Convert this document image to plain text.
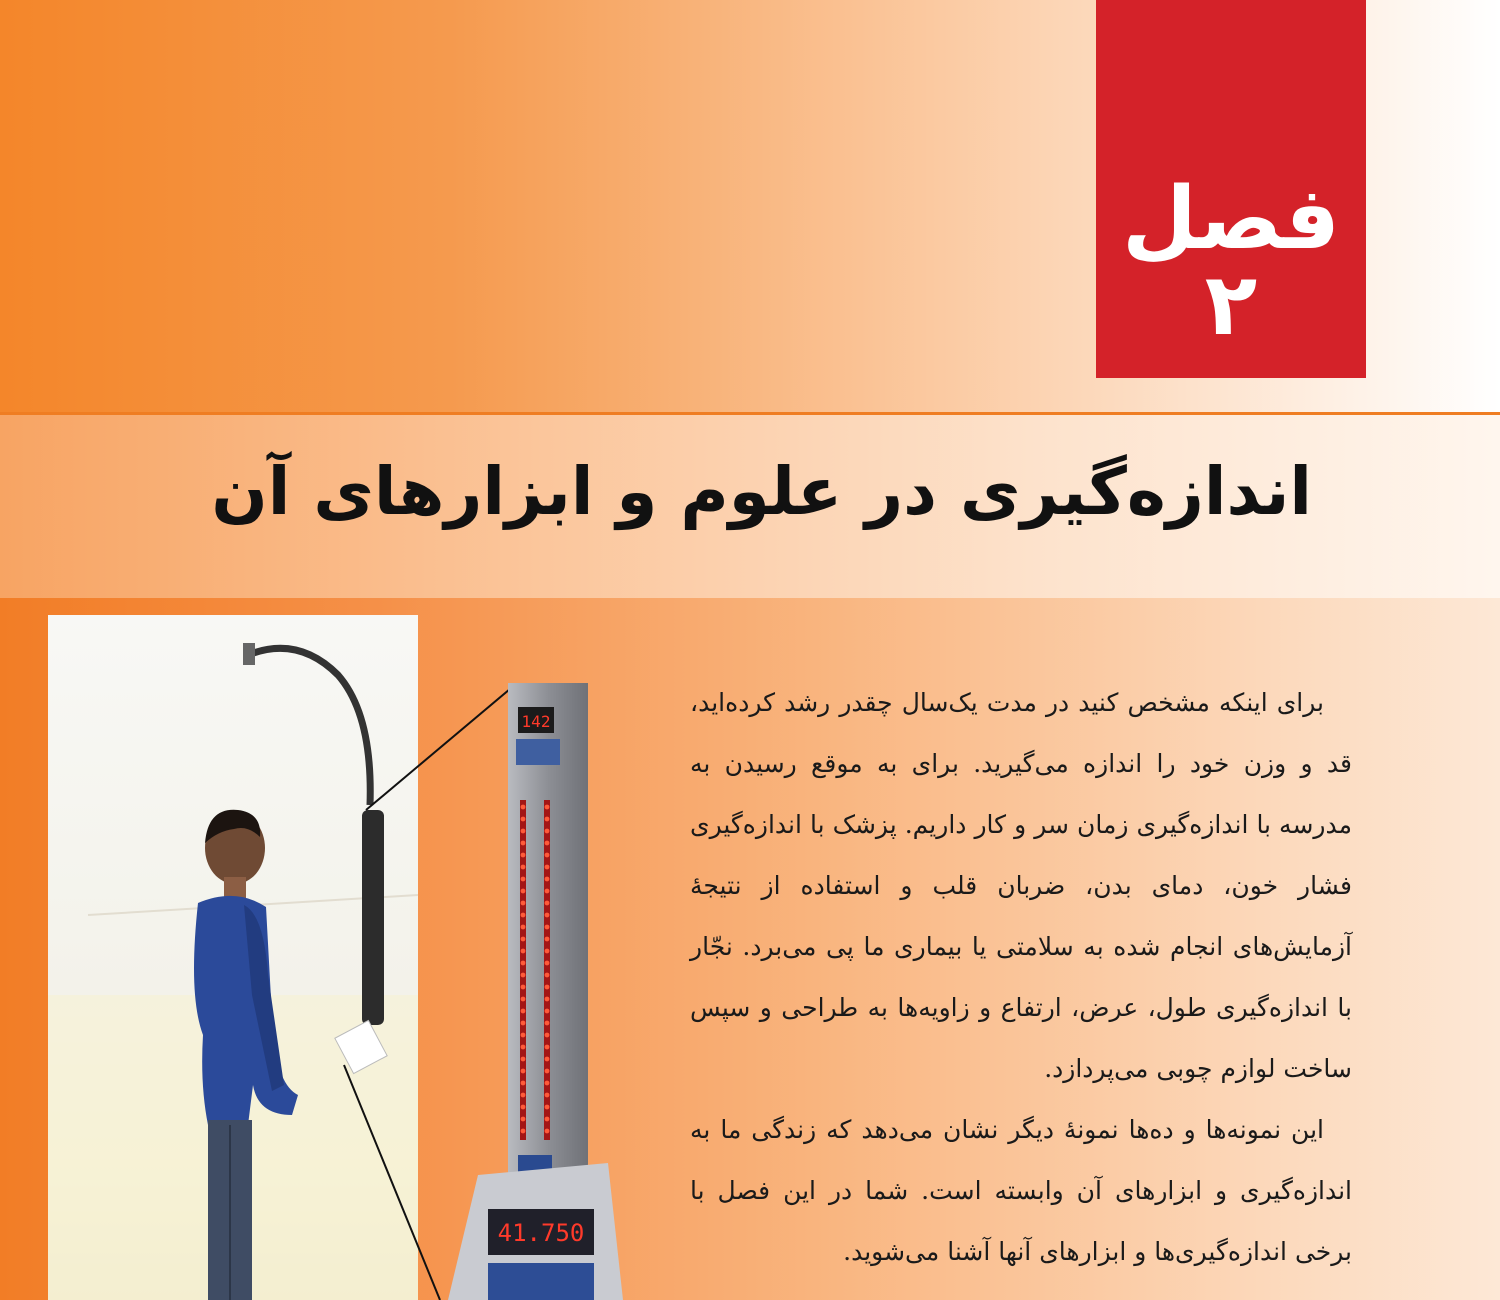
فصل ۲
اندازه‌گیری در علوم و ابزارهای آن
142
41.750

برای اینکه مشخص کنید در مدت یک‌سال چقدر رشد کرده‌اید، قد و وزن خود را اندازه می‌گیرید. برای به موقع رسیدن به مدرسه با اندازه‌گیری زمان سر و کار داریم. پزشک با اندازه‌گیری فشار خون، دمای بدن، ضربان قلب و استفاده از نتیجهٔ آزمایش‌های انجام شده به سلامتی یا بیماری ما پی می‌برد. نجّار با اندازه‌گیری طول، عرض، ارتفاع و زاویه‌ها به طراحی و سپس ساخت لوازم چوبی می‌پردازد.

این نمونه‌ها و ده‌ها نمونهٔ دیگر نشان می‌دهد که زندگی ما به اندازه‌گیری و ابزارهای آن وابسته است. شما در این فصل با برخی اندازه‌گیری‌ها و ابزارهای آنها آشنا می‌شوید.
